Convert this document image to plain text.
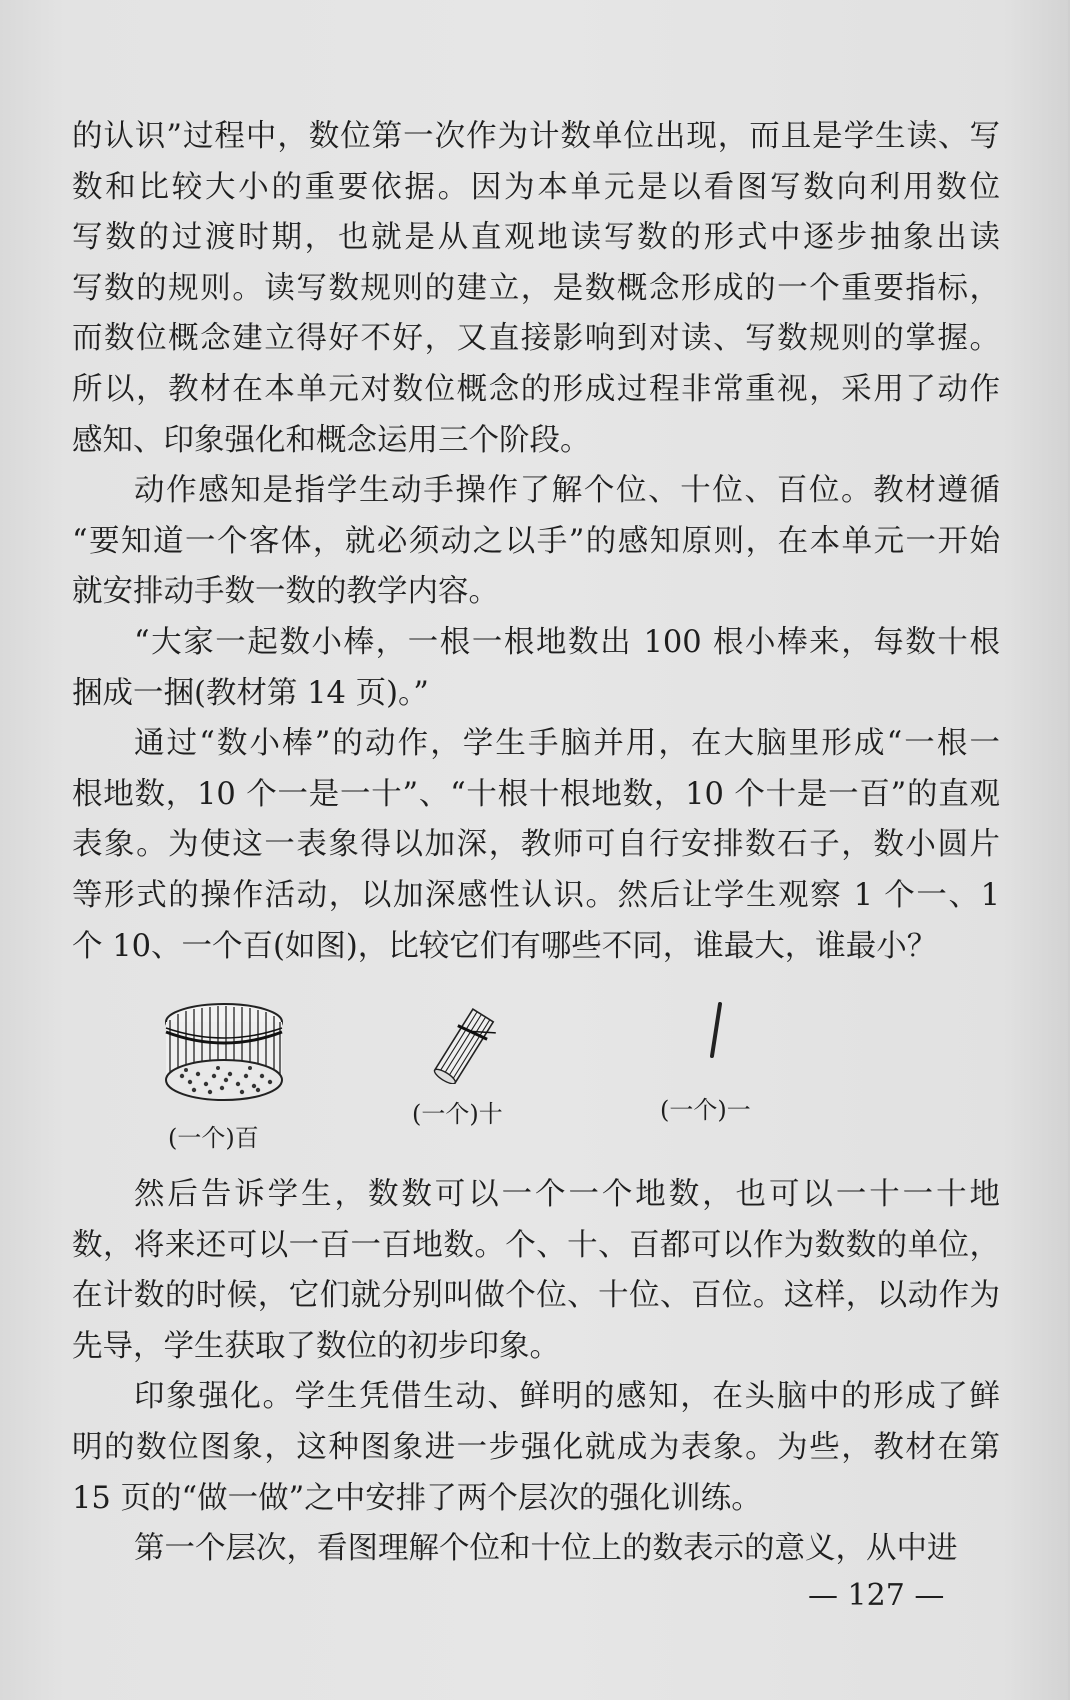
的认识”过程中，数位第一次作为计数单位出现，而且是学生读、写
数和比较大小的重要依据。因为本单元是以看图写数向利用数位
写数的过渡时期，也就是从直观地读写数的形式中逐步抽象出读
写数的规则。读写数规则的建立，是数概念形成的一个重要指标，
而数位概念建立得好不好，又直接影响到对读、写数规则的掌握。
所以，教材在本单元对数位概念的形成过程非常重视，采用了动作
感知、印象强化和概念运用三个阶段。
动作感知是指学生动手操作了解个位、十位、百位。教材遵循
“要知道一个客体，就必须动之以手”的感知原则，在本单元一开始
就安排动手数一数的教学内容。
“大家一起数小棒，一根一根地数出 100 根小棒来，每数十根
捆成一捆(教材第 14 页)。”
通过“数小棒”的动作，学生手脑并用，在大脑里形成“一根一
根地数，10 个一是一十”、“十根十根地数，10 个十是一百”的直观
表象。为使这一表象得以加深，教师可自行安排数石子，数小圆片
等形式的操作活动，以加深感性认识。然后让学生观察 1 个一、1
个 10、一个百(如图)，比较它们有哪些不同，谁最大，谁最小？
(一个)百
(一个)十	(一个)一
然后告诉学生，数数可以一个一个地数，也可以一十一十地
数，将来还可以一百一百地数。个、十、百都可以作为数数的单位，
在计数的时候，它们就分别叫做个位、十位、百位。这样，以动作为
先导，学生获取了数位的初步印象。
印象强化。学生凭借生动、鲜明的感知，在头脑中的形成了鲜
明的数位图象，这种图象进一步强化就成为表象。为些，教材在第
15 页的“做一做”之中安排了两个层次的强化训练。
第一个层次，看图理解个位和十位上的数表示的意义，从中进
— 127 —
